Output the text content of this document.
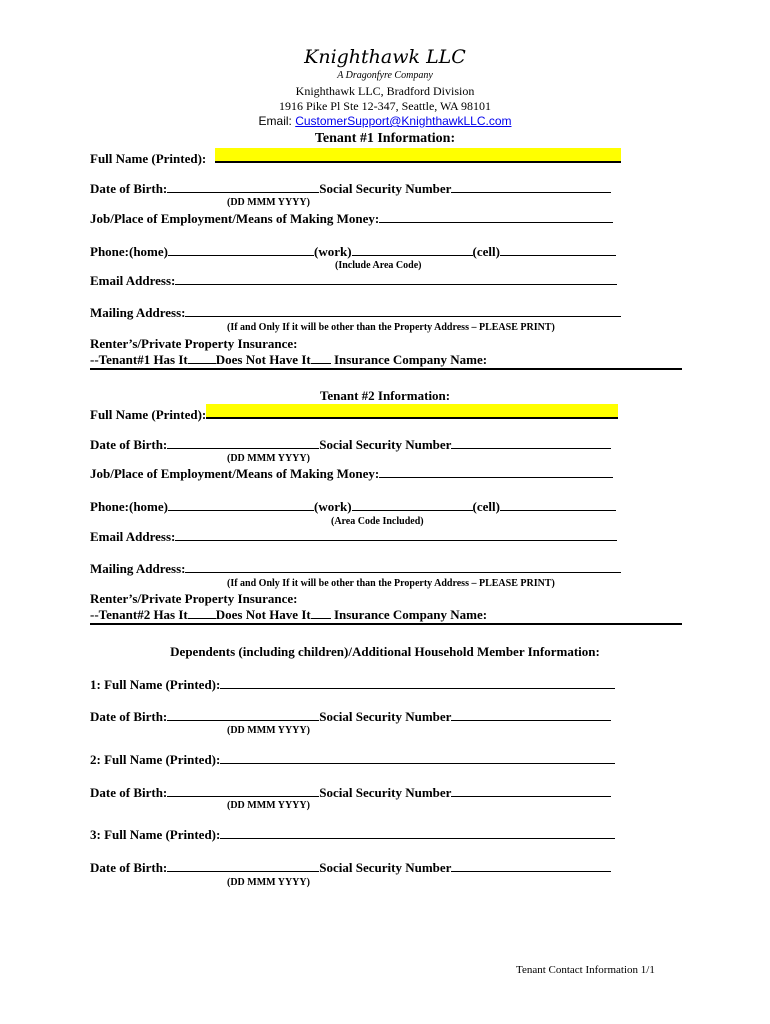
Knighthawk LLC
A Dragonfyre Company
Knighthawk LLC, Bradford Division
1916 Pike Pl Ste 12-347, Seattle, WA 98101
Email: CustomerSupport@KnighthawkLLC.com
Tenant #1 Information:
Full Name (Printed):
Date of Birth:	Social Security Number
(DD MMM YYYY)
Job/Place of Employment/Means of Making Money:
Phone:(home)	(work)	(cell)
(Include Area Code)
Email Address:
Mailing Address:
(If and Only If it will be other than the Property Address – PLEASE PRINT)
Renter’s/Private Property Insurance:
--Tenant#1 Has It Does Not Have It Insurance Company Name:
Tenant #2 Information:
Full Name (Printed):
Date of Birth:	Social Security Number
(DD MMM YYYY)
Job/Place of Employment/Means of Making Money:
Phone:(home)	(work)	(cell)
(Area Code Included)
Email Address:
Mailing Address:
(If and Only If it will be other than the Property Address – PLEASE PRINT)
Renter’s/Private Property Insurance:
--Tenant#2 Has It Does Not Have It Insurance Company Name:
Dependents (including children)/Additional Household Member Information:
1: Full Name (Printed):
Date of Birth:	Social Security Number
(DD MMM YYYY)
2: Full Name (Printed):
Date of Birth:	Social Security Number
(DD MMM YYYY)
3: Full Name (Printed):
Date of Birth:	Social Security Number
(DD MMM YYYY)
Tenant Contact Information 1/1
